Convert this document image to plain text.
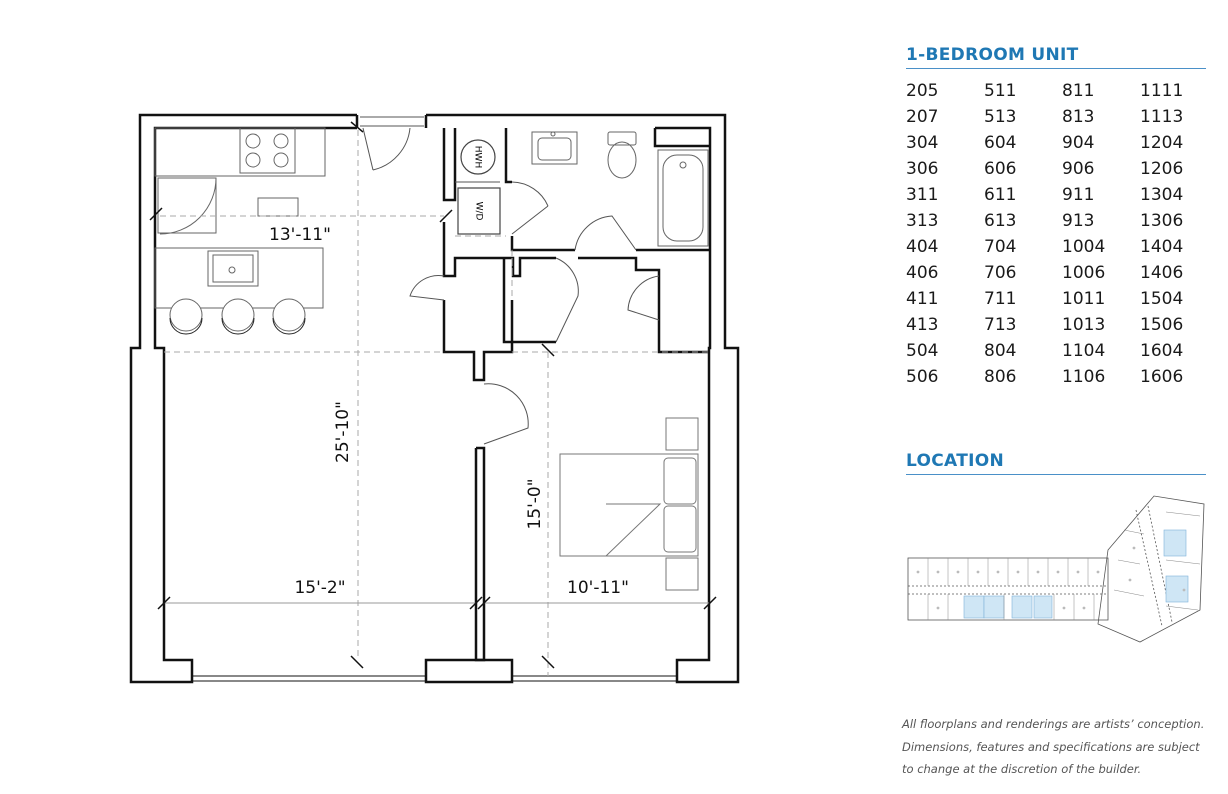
HWH
W/D
13'-11"
25'-10"
15'-2"
15'-0"
10'-11"
1-BEDROOM UNIT
205	511	811	1111
207	513	813	1113
304	604	904	1204
306	606	906	1206
311	611	911	1304
313	613	913	1306
404	704	1004	1404
406	706	1006	1406
411	711	1011	1504
413	713	1013	1506
504	804	1104	1604
506	806	1106	1606
LOCATION
All floorplans and renderings are artists’ conception.
Dimensions, features and specifications are subject
to change at the discretion of the builder.
